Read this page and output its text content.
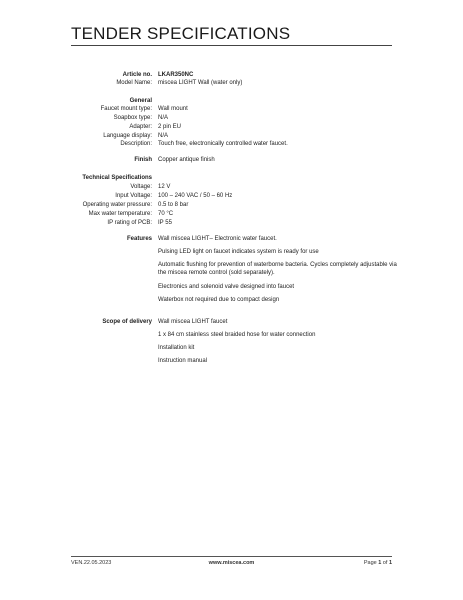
TENDER SPECIFICATIONS
Article no. LKAR350NC
Model Name: miscea LIGHT Wall (water only)
General
Faucet mount type: Wall mount
Soapbox type: N/A
Adapter: 2 pin EU
Language display: N/A
Description: Touch free, electronically controlled water faucet.
Finish Copper antique finish
Technical Specifications
Voltage: 12 V
Input Voltage: 100 – 240 VAC / 50 – 60 Hz
Operating water pressure: 0.5 to 8 bar
Max water temperature: 70 °C
IP rating of PCB: IP 55
Features Wall miscea LIGHT– Electronic water faucet.
Pulsing LED light on faucet indicates system is ready for use
Automatic flushing for prevention of waterborne bacteria. Cycles completely adjustable via the miscea remote control (sold separately).
Electronics and solenoid valve designed into faucet
Waterbox not required due to compact design
Scope of delivery Wall miscea LIGHT faucet
1 x 84 cm stainless steel braided hose for water connection
Installation kit
Instruction manual
VEN.22.05.2023	www.miscea.com	Page 1 of 1
